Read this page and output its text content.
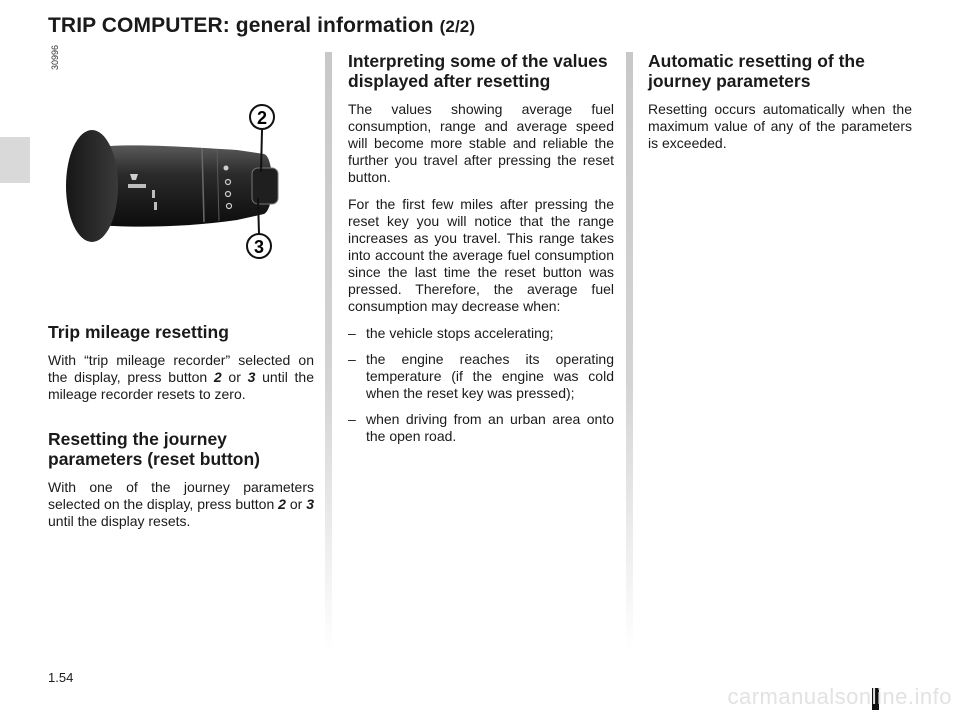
TRIP COMPUTER: general information (2/2)
30996
2
3
Trip mileage resetting

With “trip mileage recorder” selected on the display, press button 2 or 3 until the mileage recorder resets to zero.

Resetting the journey parameters (reset button)

With one of the journey parameters selected on the display, press button 2 or 3 until the display resets.

Interpreting some of the values displayed after resetting

The values showing average fuel consumption, range and average speed will become more stable and reliable the further you travel after pressing the reset button.

For the first few miles after pressing the reset key you will notice that the range increases as you travel. This range takes into account the average fuel consumption since the last time the reset button was pressed. Therefore, the average fuel consumption may decrease when:

– the vehicle stops accelerating;
– the engine reaches its operating temperature (if the engine was cold when the reset key was pressed);
– when driving from an urban area onto the open road.
Automatic resetting of the journey parameters

Resetting occurs automatically when the maximum value of any of the parameters is exceeded.

1.54
carmanualsonline.info
